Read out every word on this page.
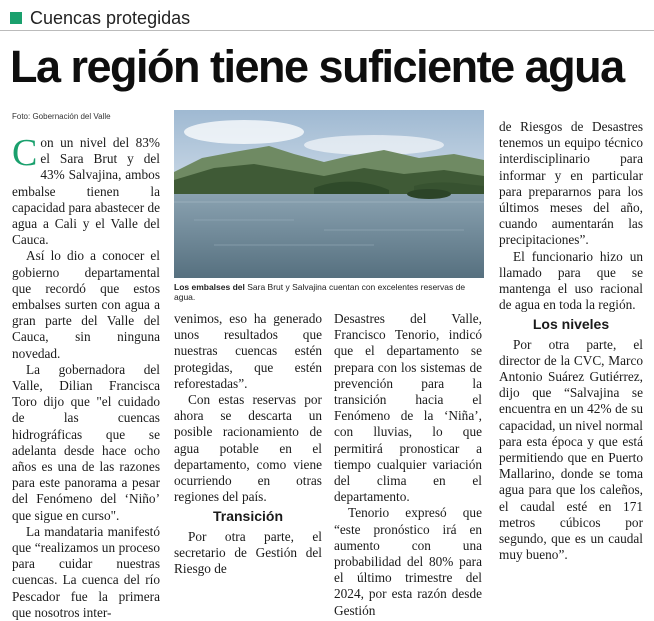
Cuencas protegidas
La región tiene suficiente agua
Foto: Gobernación del Valle
Los embalses del Sara Brut y Salvajina cuentan con excelentes reservas de agua.

Con un nivel del 83% el Sara Brut y del 43% Salvajina, ambos embalse tienen la capacidad para abastecer de agua a Cali y el Valle del Cauca.

Así lo dio a conocer el gobierno departamental que recordó que estos embalses surten con agua a gran parte del Valle del Cauca, sin ninguna novedad.

La gobernadora del Valle, Dilian Francisca Toro dijo que "el cuidado de las cuencas hidrográficas que se adelanta desde hace ocho años es una de las razones para este panorama a pesar del Fenómeno del ‘Niño’ que sigue en curso".

La mandataria manifestó que “realizamos un proceso para cuidar nuestras cuencas. La cuenca del río Pescador fue la primera que nosotros inter-

venimos, eso ha generado unos resultados que nuestras cuencas estén protegidas, que estén reforestadas”.

Con estas reservas por ahora se descarta un posible racionamiento de agua potable en el departamento, como viene ocurriendo en otras regiones del país.

Transición

Por otra parte, el secretario de Gestión del Riesgo de

Desastres del Valle, Francisco Tenorio, indicó que el departamento se prepara con los sistemas de prevención para la transición hacia el Fenómeno de la ‘Niña’, con lluvias, lo que permitirá pronosticar a tiempo cualquier variación del clima en el departamento.

Tenorio expresó que “este pronóstico irá en aumento con una probabilidad del 80% para el último trimestre del 2024, por esta razón desde Gestión

de Riesgos de Desastres tenemos un equipo técnico interdisciplinario para informar y en particular para prepararnos para los últimos meses del año, cuando aumentarán las precipitaciones”.

El funcionario hizo un llamado para que se mantenga el uso racional de agua en toda la región.

Los niveles

Por otra parte, el director de la CVC, Marco Antonio Suárez Gutiérrez, dijo que “Salvajina se encuentra en un 42% de su capacidad, un nivel normal para esta época y que está permitiendo que en Puerto Mallarino, donde se toma agua para que los caleños, el caudal esté en 171 metros cúbicos por segundo, que es un caudal muy bueno”.
